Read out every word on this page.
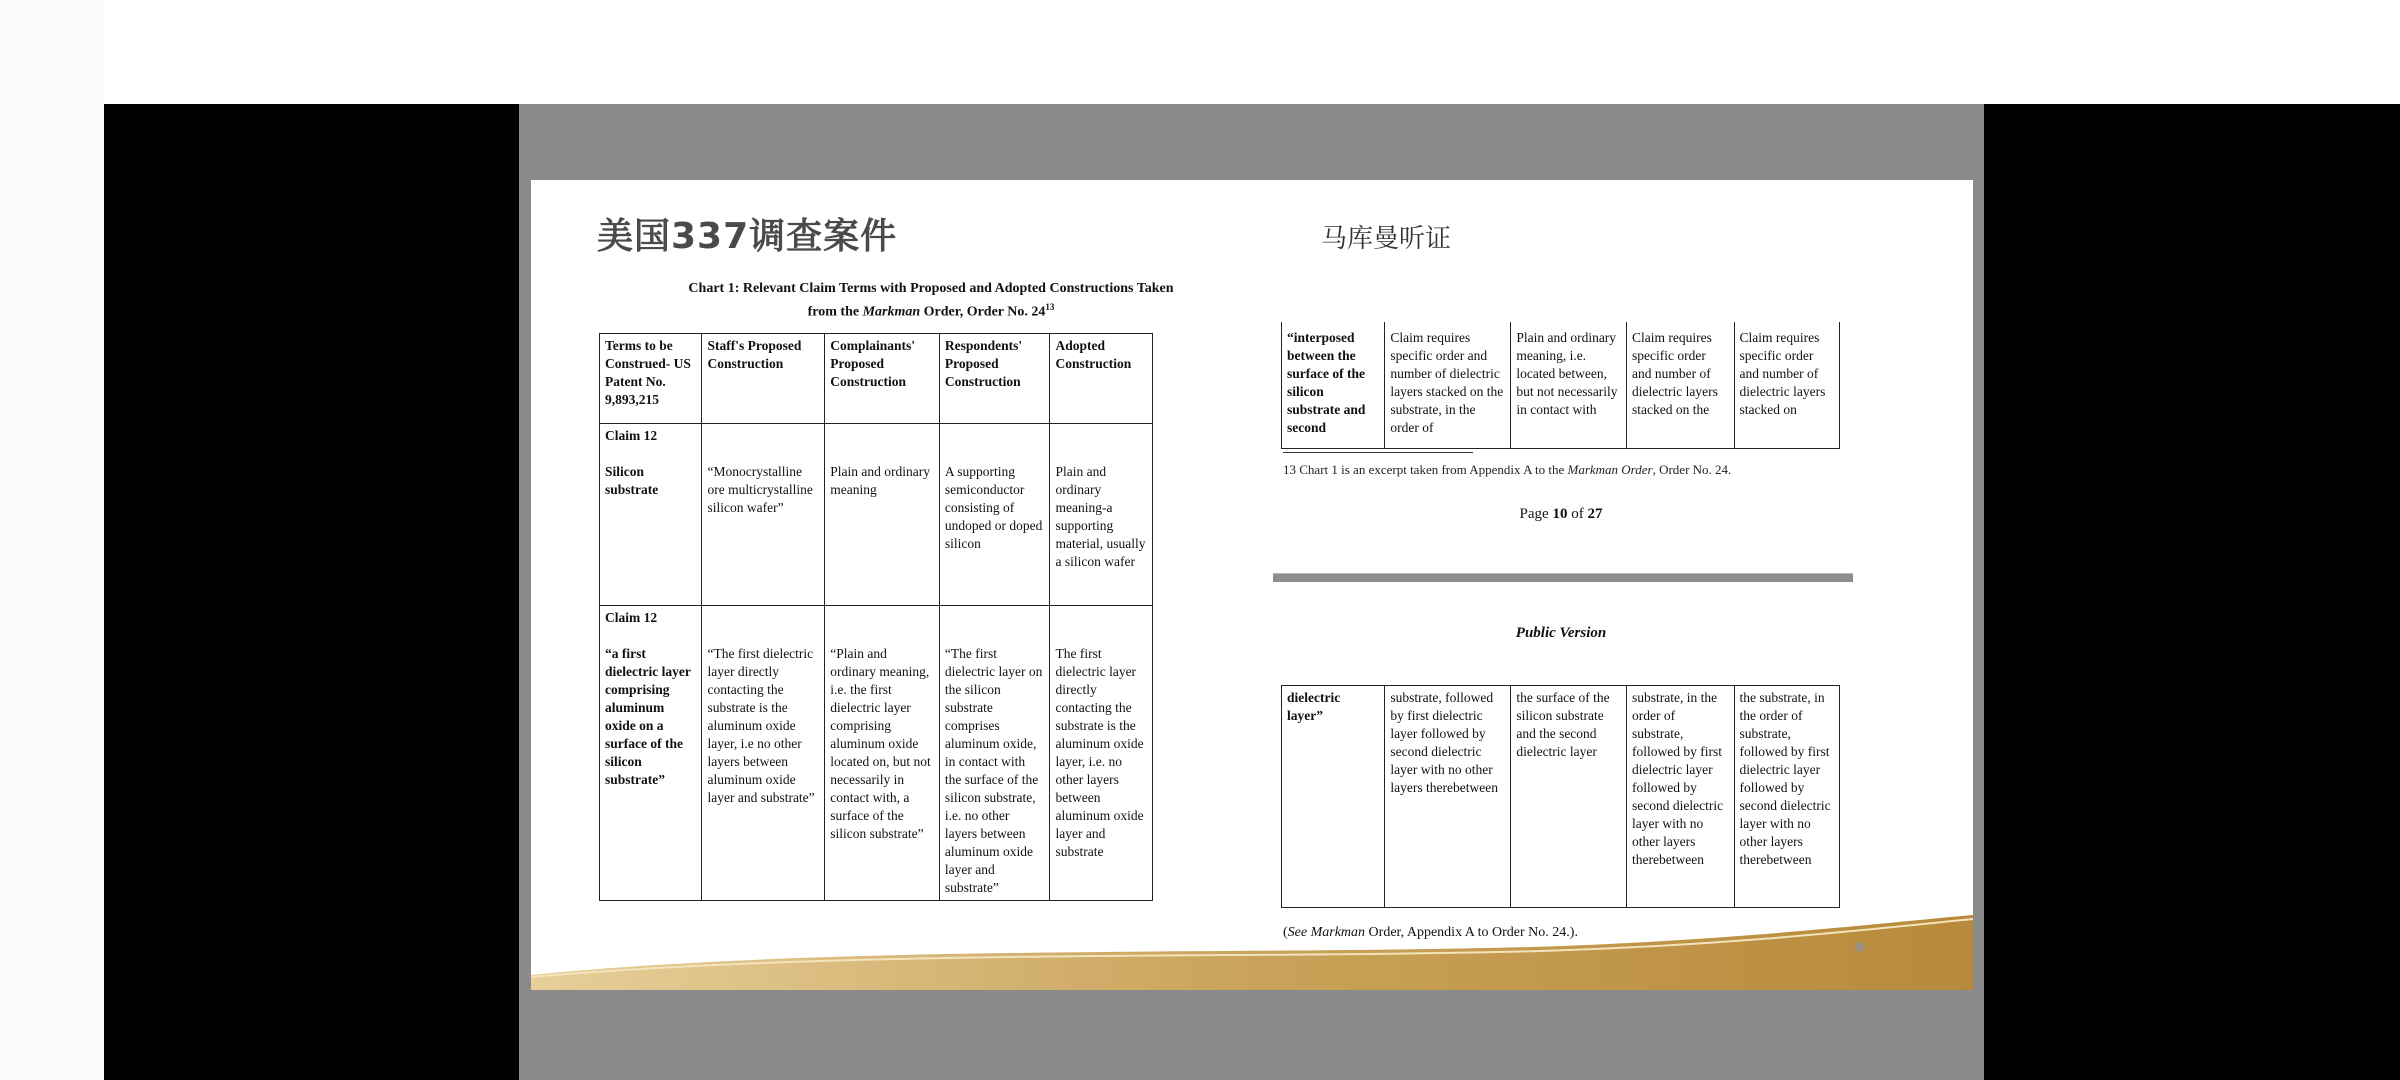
美国337调查案件	马库曼听证
Chart 1: Relevant Claim Terms with Proposed and Adopted Constructions Taken
from the Markman Order, Order No. $24^{13}$
Terms to be Construed- US Patent No. 9,893,215	Staff's Proposed Construction	Complainants' Proposed Construction	Respondents' Proposed Construction	Adopted Construction

Claim 12
Silicon substrate	“Monocrystalline ore multicrystalline silicon wafer”	Plain and ordinary meaning	A supporting semiconductor consisting of undoped or doped silicon	Plain and ordinary meaning-a supporting material, usually a silicon wafer

Claim 12
“a first dielectric layer comprising aluminum oxide on a surface of the silicon substrate”	“The first dielectric layer directly contacting the substrate is the aluminum oxide layer, i.e no other layers between aluminum oxide layer and substrate”	“Plain and ordinary meaning, i.e. the first dielectric layer comprising aluminum oxide located on, but not necessarily in contact with, a surface of the silicon substrate”	“The first dielectric layer on the silicon substrate comprises aluminum oxide, in contact with the surface of the silicon substrate, i.e. no other layers between aluminum oxide layer and substrate”	The first dielectric layer directly contacting the substrate is the aluminum oxide layer, i.e. no other layers between aluminum oxide layer and substrate
“interposed between the surface of the silicon substrate and second	Claim requires specific order and number of dielectric layers stacked on the substrate, in the order of	Plain and ordinary meaning, i.e. located between, but not necessarily in contact with	Claim requires specific order and number of dielectric layers stacked on the	Claim requires specific order and number of dielectric layers stacked on
13 Chart 1 is an excerpt taken from Appendix A to the Markman Order, Order No. 24.
Page 10 of 27
Public Version
dielectric layer”	substrate, followed by first dielectric layer followed by second dielectric layer with no other layers therebetween	the surface of the silicon substrate and the second dielectric layer	substrate, in the order of substrate, followed by first dielectric layer followed by second dielectric layer with no other layers therebetween	the substrate, in the order of substrate, followed by first dielectric layer followed by second dielectric layer with no other layers therebetween
(See Markman Order, Appendix A to Order No. 24.).
